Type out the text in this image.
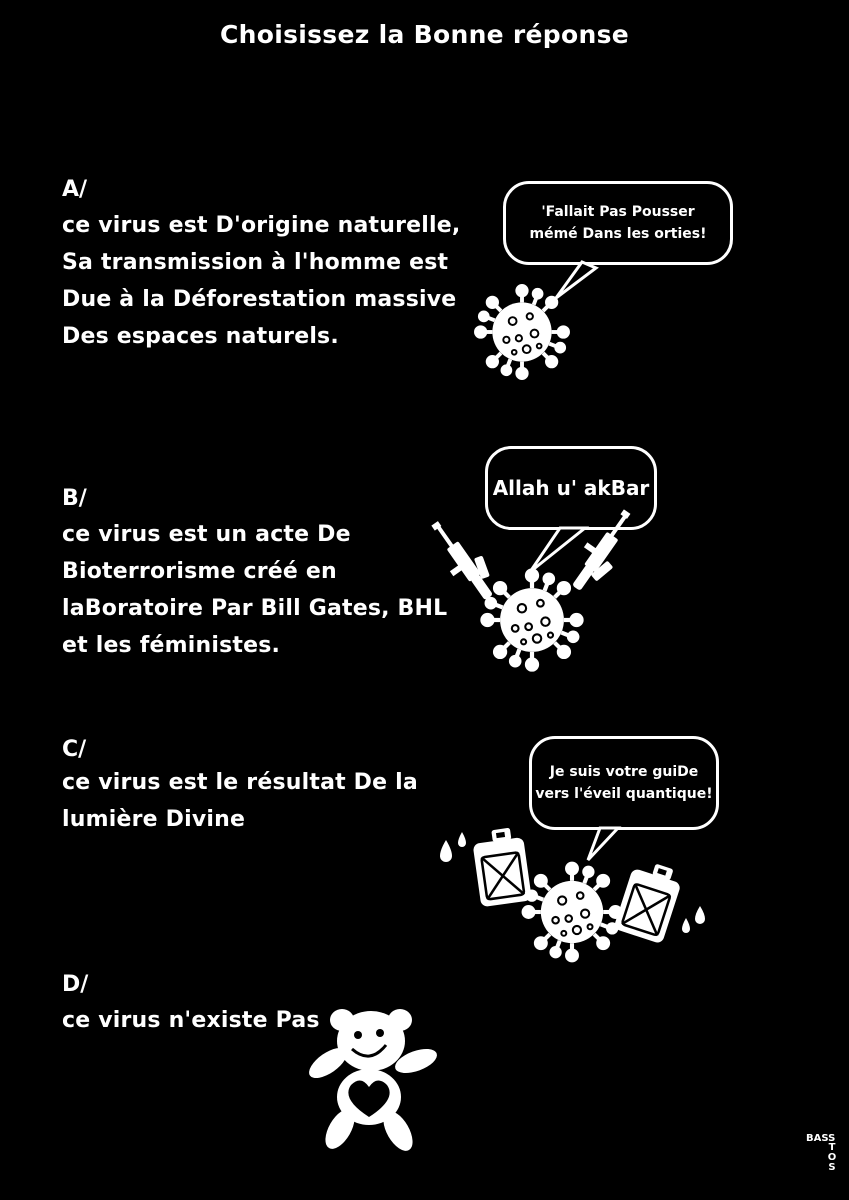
Choisissez la Bonne réponse
A/
ce virus est D'origine naturelle,
Sa transmission à l'homme est
Due à la Déforestation massive
Des espaces naturels.
'Fallait Pas Pousser
mémé Dans les orties!
B/
ce virus est un acte De
Bioterrorisme créé en
laBoratoire Par Bill Gates, BHL
et les féministes.
Allah u' akBar
C/
ce virus est le résultat De la
lumière Divine
Je suis votre guiDe
vers l'éveil quantique!
D/
ce virus n'existe Pas
BASS
TOS
